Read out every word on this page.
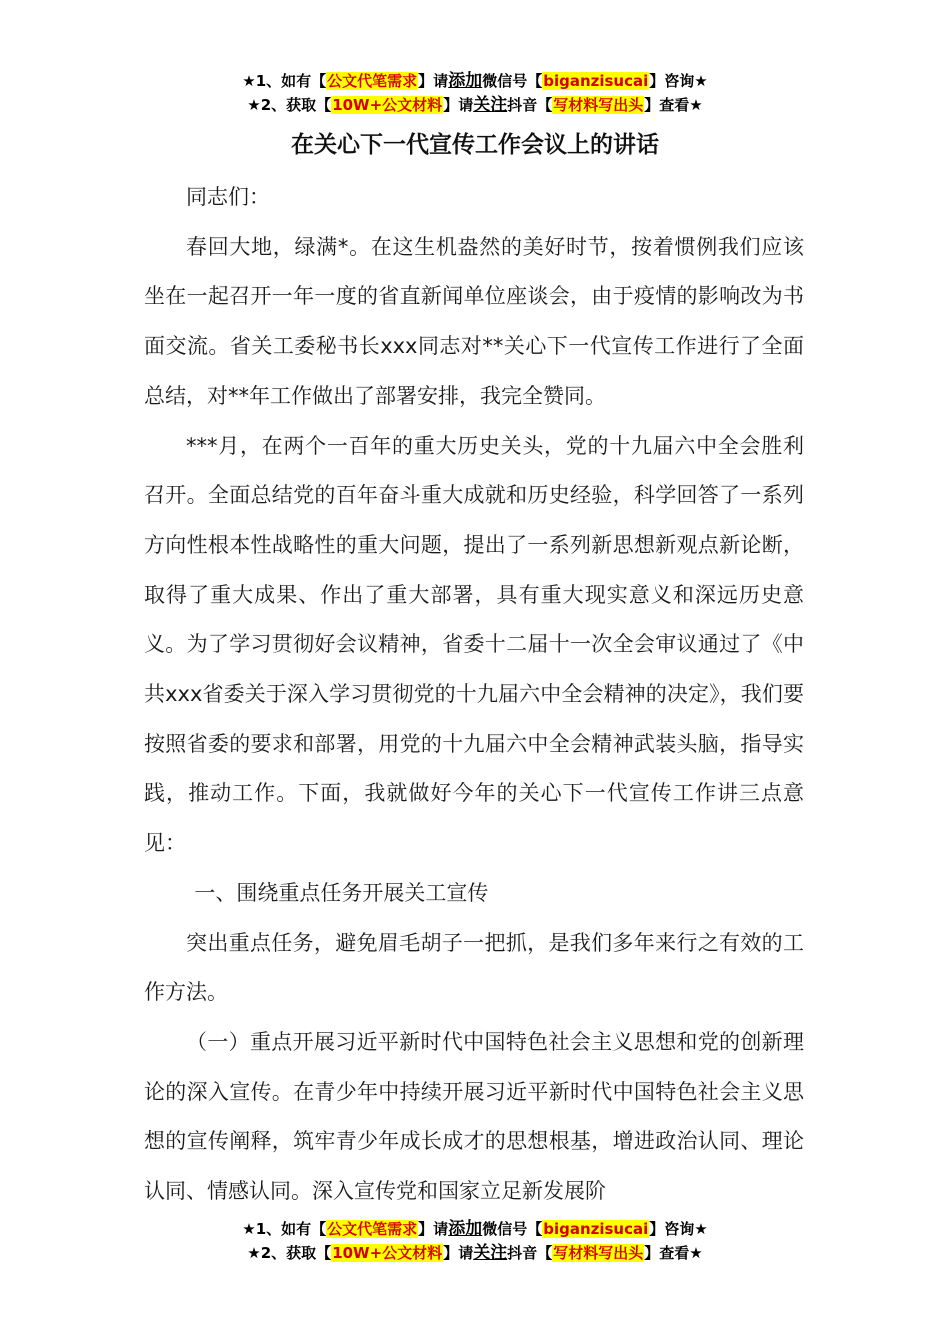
★1、如有【公文代笔需求】请添加微信号【biganzisucai】咨询★
★2、获取【10W+公文材料】请关注抖音【写材料写出头】查看★
在关心下一代宣传工作会议上的讲话

同志们：

春回大地，绿满*。在这生机盎然的美好时节，按着惯例我们应该坐在一起召开一年一度的省直新闻单位座谈会，由于疫情的影响改为书面交流。省关工委秘书长xxx同志对**关心下一代宣传工作进行了全面总结，对**年工作做出了部署安排，我完全赞同。

***月，在两个一百年的重大历史关头，党的十九届六中全会胜利召开。全面总结党的百年奋斗重大成就和历史经验，科学回答了一系列方向性根本性战略性的重大问题，提出了一系列新思想新观点新论断，取得了重大成果、作出了重大部署，具有重大现实意义和深远历史意义。为了学习贯彻好会议精神，省委十二届十一次全会审议通过了《中共xxx省委关于深入学习贯彻党的十九届六中全会精神的决定》，我们要按照省委的要求和部署，用党的十九届六中全会精神武装头脑，指导实践，推动工作。下面，我就做好今年的关心下一代宣传工作讲三点意见：

一、围绕重点任务开展关工宣传

突出重点任务，避免眉毛胡子一把抓，是我们多年来行之有效的工作方法。

（一）重点开展习近平新时代中国特色社会主义思想和党的创新理论的深入宣传。在青少年中持续开展习近平新时代中国特色社会主义思想的宣传阐释，筑牢青少年成长成才的思想根基，增进政治认同、理论认同、情感认同。深入宣传党和国家立足新发展阶

★1、如有【公文代笔需求】请添加微信号【biganzisucai】咨询★
★2、获取【10W+公文材料】请关注抖音【写材料写出头】查看★
